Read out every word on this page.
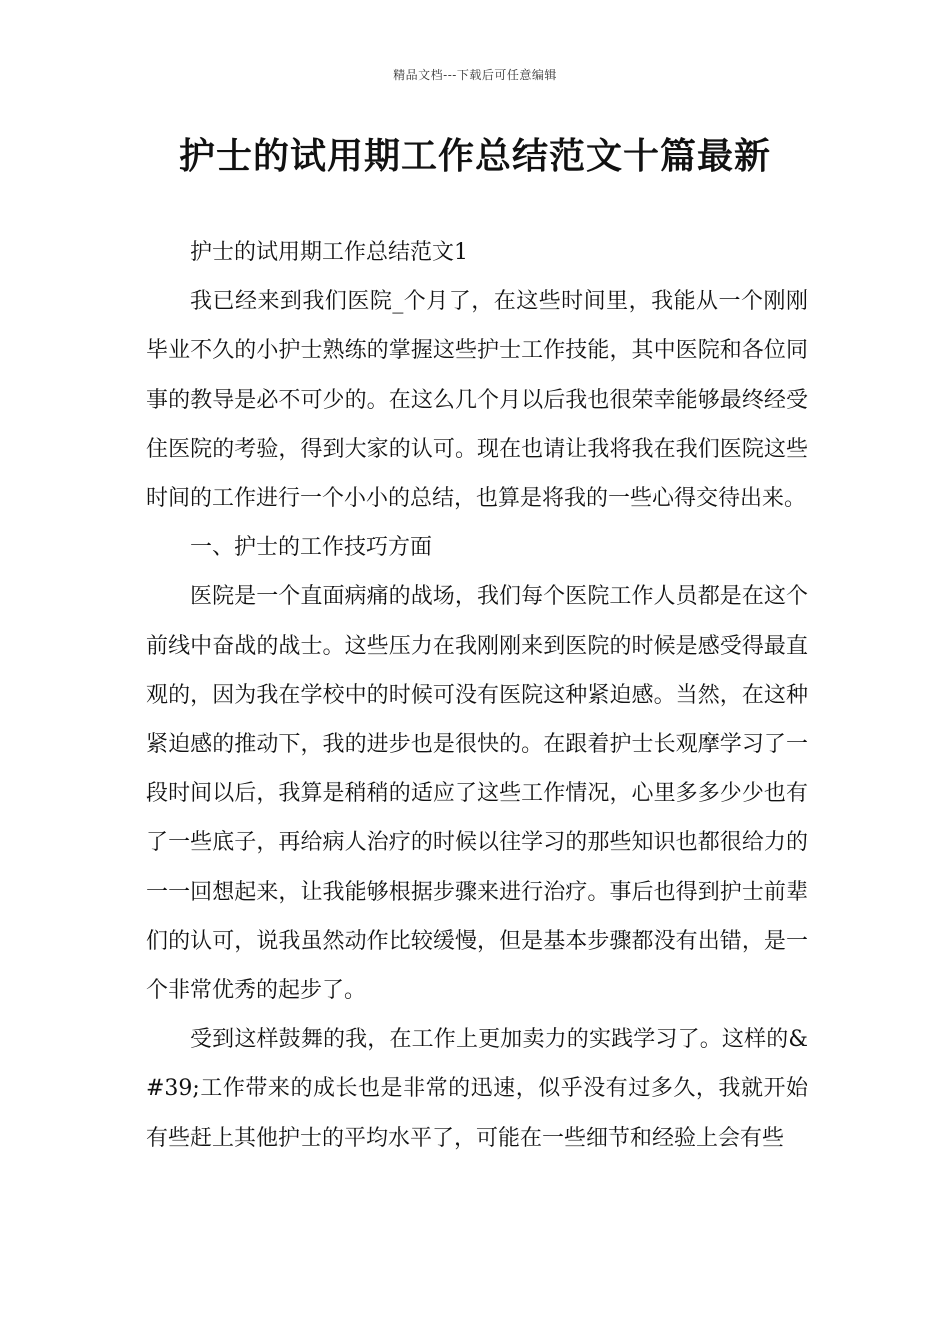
精品文档---下载后可任意编辑
护士的试用期工作总结范文十篇最新

护士的试用期工作总结范文1

我已经来到我们医院_个月了，在这些时间里，我能从一个刚刚毕业不久的小护士熟练的掌握这些护士工作技能，其中医院和各位同事的教导是必不可少的。在这么几个月以后我也很荣幸能够最终经受住医院的考验，得到大家的认可。现在也请让我将我在我们医院这些时间的工作进行一个小小的总结，也算是将我的一些心得交待出来。

一、护士的工作技巧方面

医院是一个直面病痛的战场，我们每个医院工作人员都是在这个前线中奋战的战士。这些压力在我刚刚来到医院的时候是感受得最直观的，因为我在学校中的时候可没有医院这种紧迫感。当然，在这种紧迫感的推动下，我的进步也是很快的。在跟着护士长观摩学习了一段时间以后，我算是稍稍的适应了这些工作情况，心里多多少少也有了一些底子，再给病人治疗的时候以往学习的那些知识也都很给力的一一回想起来，让我能够根据步骤来进行治疗。事后也得到护士前辈们的认可，说我虽然动作比较缓慢，但是基本步骤都没有出错，是一个非常优秀的起步了。

受到这样鼓舞的我，在工作上更加卖力的实践学习了。这样的&#39;工作带来的成长也是非常的迅速，似乎没有过多久，我就开始有些赶上其他护士的平均水平了，可能在一些细节和经验上会有些
